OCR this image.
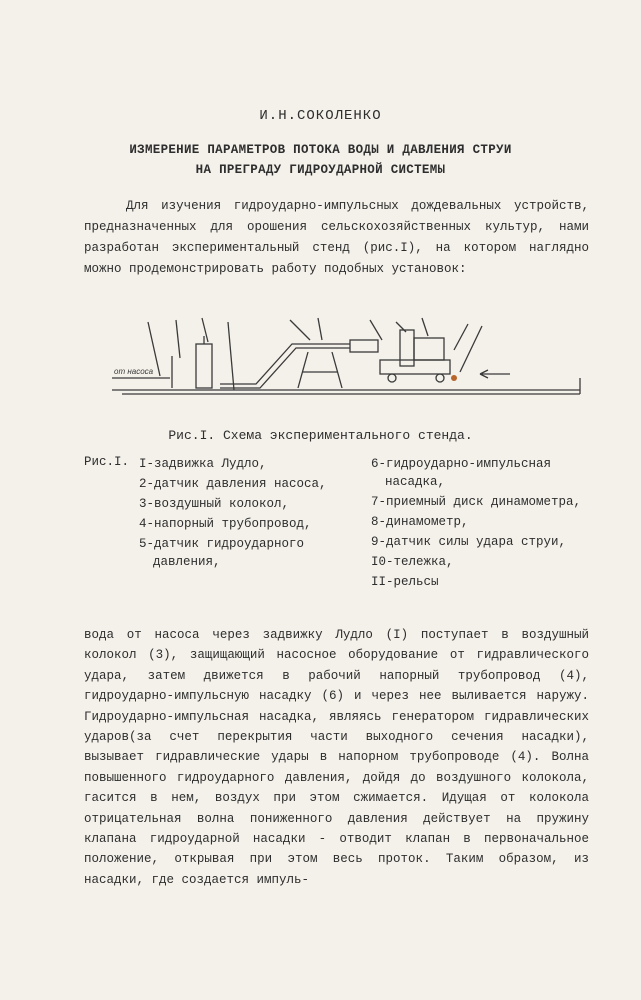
И.Н.СОКОЛЕНКО
ИЗМЕРЕНИЕ ПАРАМЕТРОВ ПОТОКА ВОДЫ И ДАВЛЕНИЯ СТРУИ
НА ПРЕГРАДУ ГИДРОУДАРНОЙ СИСТЕМЫ

Для изучения гидроударно-импульсных дождевальных устройств, предназначенных для орошения сельскохозяйственных культур, нами разработан экспериментальный стенд (рис.I), на котором наглядно можно продемонстрировать работу подобных установок:

от насоса
Рис.I. Схема экспериментального стенда.
Рис.I. I-задвижка Лудло,
2-датчик давления насоса,
3-воздушный колокол,
4-напорный трубопровод,
5-датчик гидроударного давления,
6-гидроударно-импульсная насадка,
7-приемный диск динамометра,
8-динамометр,
9-датчик силы удара струи,
I0-тележка,
II-рельсы

вода от насоса через задвижку Лудло (I) поступает в воздушный колокол (3), защищающий насосное оборудование от гидравлического удара, затем движется в рабочий напорный трубопровод (4), гидроударно-импульсную насадку (6) и через нее выливается наружу. Гидроударно-импульсная насадка, являясь генератором гидравлических ударов(за счет перекрытия части выходного сечения насадки), вызывает гидравлические удары в напорном трубопроводе (4). Волна повышенного гидроударного давления, дойдя до воздушного колокола, гасится в нем, воздух при этом сжимается. Идущая от колокола отрицательная волна пониженного давления действует на пружину клапана гидроударной насадки - отводит клапан в первоначальное положение, открывая при этом весь проток. Таким образом, из насадки, где создается импуль-
